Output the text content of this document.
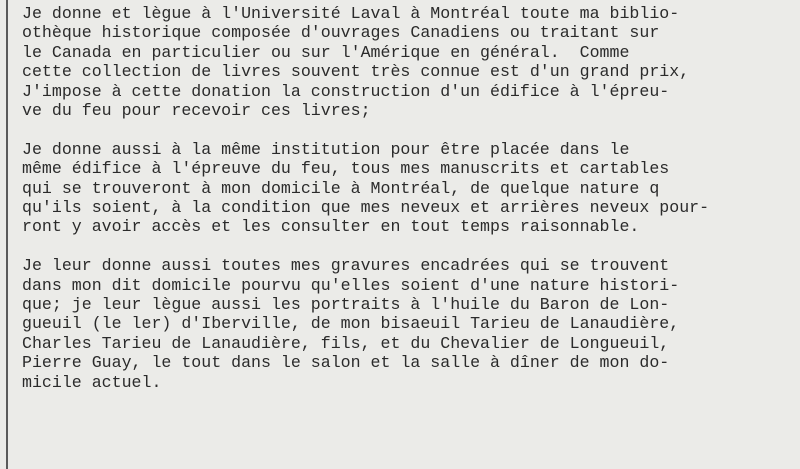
Je donne et lègue à l'Université Laval à Montréal toute ma biblio-
othèque historique composée d'ouvrages Canadiens ou traitant sur
le Canada en particulier ou sur l'Amérique en général.  Comme
cette collection de livres souvent très connue est d'un grand prix,
J'impose à cette donation la construction d'un édifice à l'épreu-
ve du feu pour recevoir ces livres;

Je donne aussi à la même institution pour être placée dans le
même édifice à l'épreuve du feu, tous mes manuscrits et cartables
qui se trouveront à mon domicile à Montréal, de quelque nature q
qu'ils soient, à la condition que mes neveux et arrières neveux pour-
ront y avoir accès et les consulter en tout temps raisonnable.

Je leur donne aussi toutes mes gravures encadrées qui se trouvent
dans mon dit domicile pourvu qu'elles soient d'une nature histori-
que; je leur lègue aussi les portraits à l'huile du Baron de Lon-
gueuil (le ler) d'Iberville, de mon bisaeuil Tarieu de Lanaudière,
Charles Tarieu de Lanaudière, fils, et du Chevalier de Longueuil,
Pierre Guay, le tout dans le salon et la salle à dîner de mon do-
micile actuel.
